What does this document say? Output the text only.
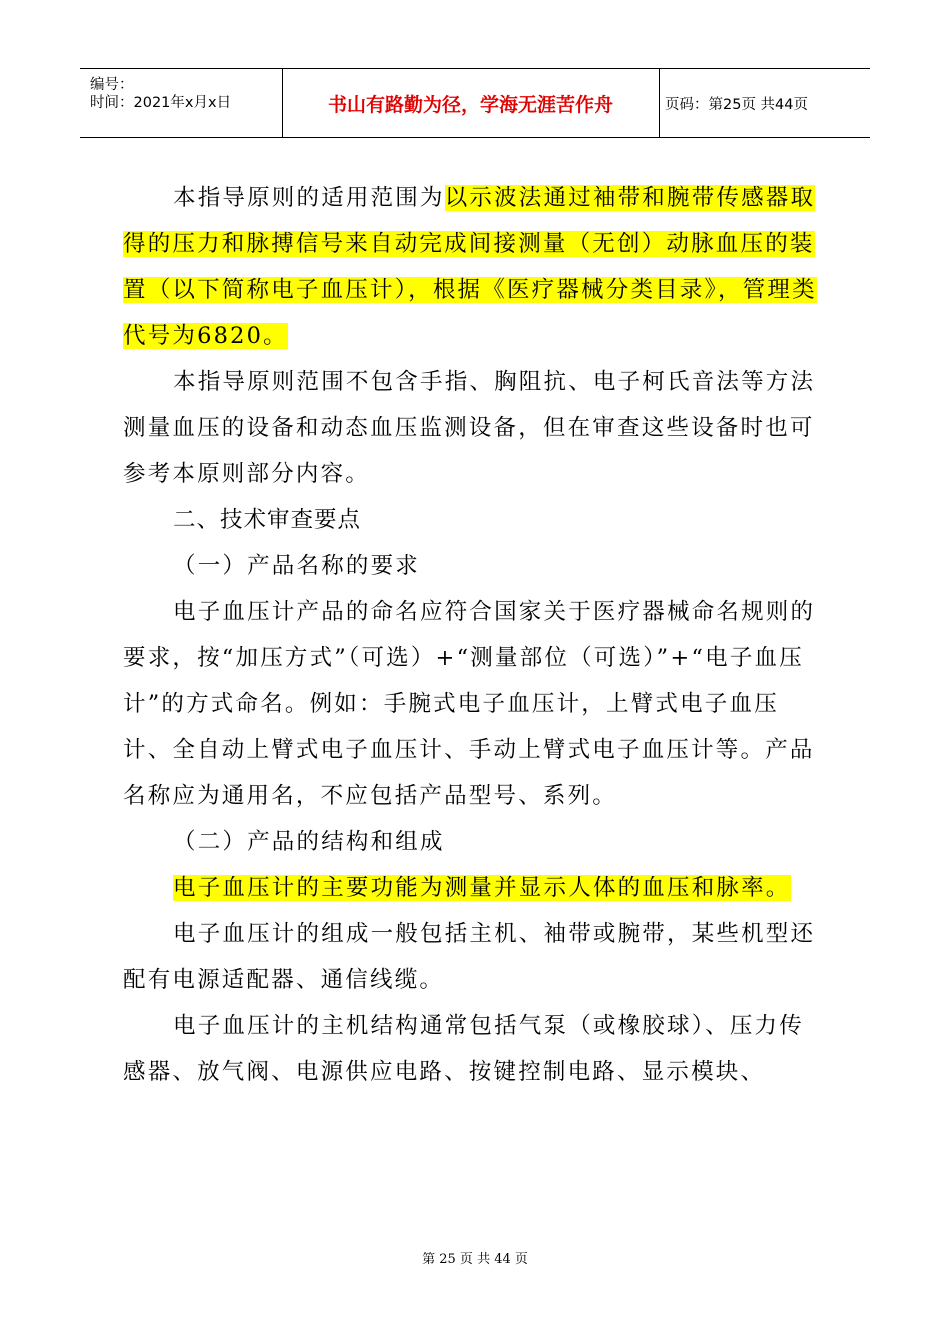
编号：
时间：2021年x月x日	书山有路勤为径，学海无涯苦作舟	页码：第25页 共44页

本指导原则的适用范围为以示波法通过袖带和腕带传感器取得的压力和脉搏信号来自动完成间接测量（无创）动脉血压的装置（以下简称电子血压计），根据《医疗器械分类目录》，管理类代号为6820。

本指导原则范围不包含手指、胸阻抗、电子柯氏音法等方法测量血压的设备和动态血压监测设备，但在审查这些设备时也可参考本原则部分内容。

二、技术审查要点

（一）产品名称的要求

电子血压计产品的命名应符合国家关于医疗器械命名规则的要求，按“加压方式”（可选）+“测量部位（可选）”+“电子血压计”的方式命名。例如：手腕式电子血压计，上臂式电子血压计、全自动上臂式电子血压计、手动上臂式电子血压计等。产品名称应为通用名，不应包括产品型号、系列。

（二）产品的结构和组成

电子血压计的主要功能为测量并显示人体的血压和脉率。

电子血压计的组成一般包括主机、袖带或腕带，某些机型还配有电源适配器、通信线缆。

电子血压计的主机结构通常包括气泵（或橡胶球）、压力传感器、放气阀、电源供应电路、按键控制电路、显示模块、

第 25 页 共 44 页
